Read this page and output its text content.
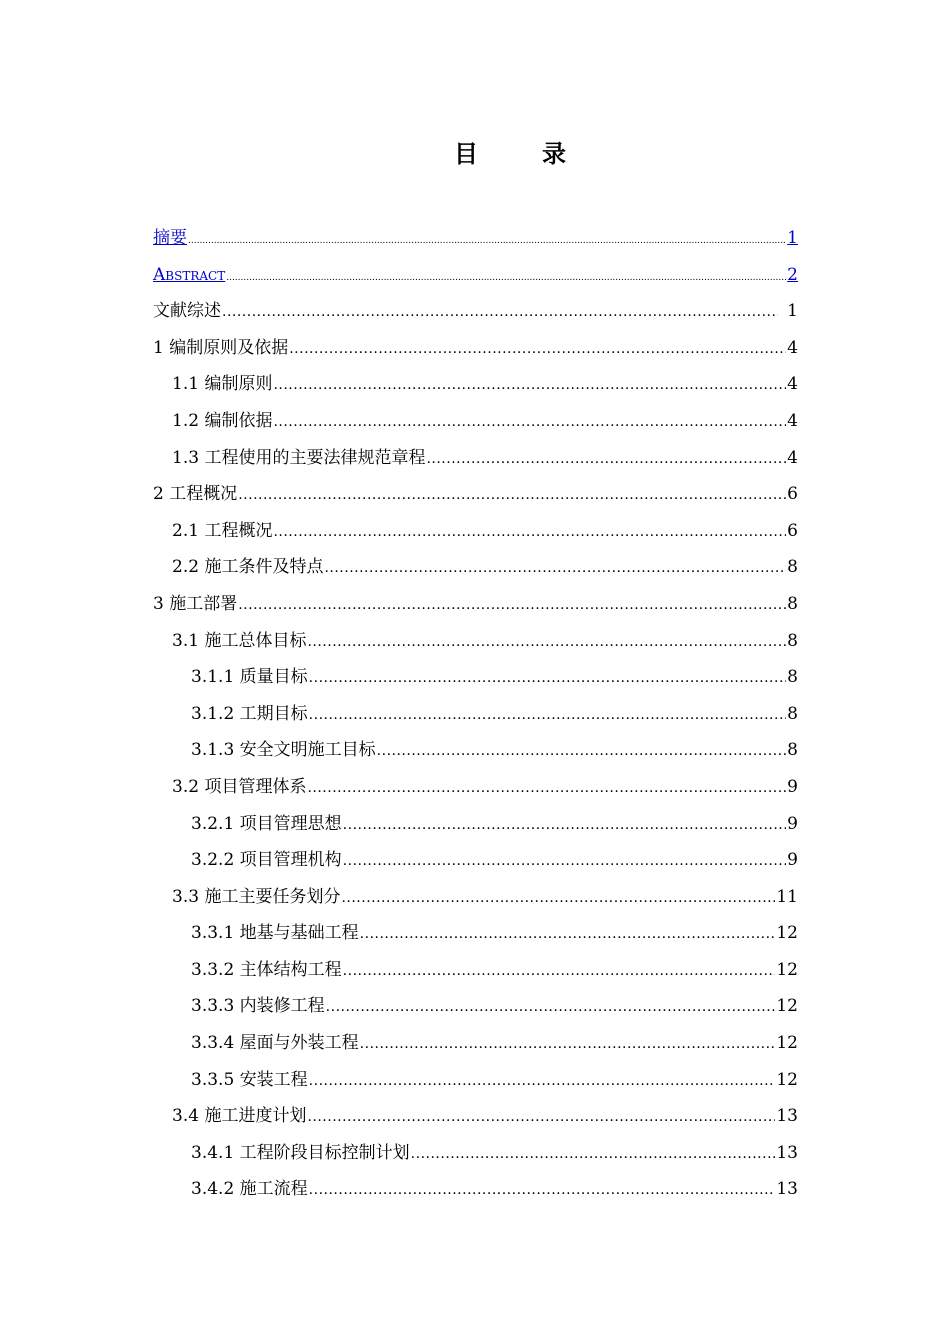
目　录
摘要 .....	1
Abstract .....	2
文献综述 .....	1
1 编制原则及依据 .....	4
1.1 编制原则 .....	4
1.2 编制依据 .....	4
1.3 工程使用的主要法律规范章程 .....	4
2 工程概况 .....	6
2.1 工程概况 .....	6
2.2 施工条件及特点 .....	8
3 施工部署 .....	8
3.1 施工总体目标 .....	8
3.1.1 质量目标 .....	8
3.1.2 工期目标 .....	8
3.1.3 安全文明施工目标 .....	8
3.2 项目管理体系 .....	9
3.2.1 项目管理思想 .....	9
3.2.2 项目管理机构 .....	9
3.3 施工主要任务划分 .....	11
3.3.1 地基与基础工程 .....	12
3.3.2 主体结构工程 .....	12
3.3.3 内装修工程 .....	12
3.3.4 屋面与外装工程 .....	12
3.3.5 安装工程 .....	12
3.4 施工进度计划 .....	13
3.4.1 工程阶段目标控制计划 .....	13
3.4.2 施工流程 .....	13
